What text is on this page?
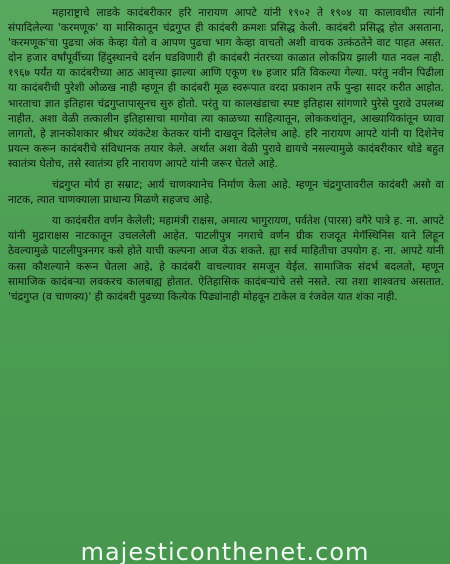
महाराष्ट्राचे लाडके कादंबरीकार हरि नारायण आपटे यांनी १९०२ ते १९०४ या कालावधीत त्यांनी संपादिलेल्या 'करमणूक' या मासिकातून चंद्रगुप्त ही कादंबरी क्रमशः प्रसिद्ध केली. कादंबरी प्रसिद्ध होत असताना, 'करमणूक'चा पुढचा अंक केव्हा येतो व आपण पुढचा भाग केव्हा वाचतो अशी वाचक उत्कंठतेने वाट पाहत असत. दोन हजार वर्षांपूर्वीच्या हिंदुस्थानचे दर्शन घडविणारी ही कादंबरी नंतरच्या काळात लोकप्रिय झाली यात नवल नाही. १९६७ पर्यंत या कादंबरीच्या आठ आवृत्त्या झाल्या आणि एकूण १७ हजार प्रति विकल्या गेल्या. परंतु नवीन पिढीला या कादंबरीची पुरेशी ओळख नाही म्हणून ही कादंबरी मूळ स्वरूपात वरदा प्रकाशन तर्फे पुन्हा सादर करीत आहोत. भारताचा ज्ञात इतिहास चंद्रगुप्तापासूनच सुरु होतो. परंतु या कालखंडाचा स्पष्ट इतिहास सांगणारे पुरेसे पुरावे उपलब्ध नाहीत. अशा वेळी तत्कालीन इतिहासाचा मागोवा त्या काळच्या साहित्यातून, लोककथांतून, आख्यायिकांतून घ्यावा लागतो, हे ज्ञानकोशकार श्रीधर व्यंकटेश केतकर यांनी दाखवून दिलेलेच आहे. हरि नारायण आपटे यांनी या दिशेनेच प्रयत्न करून कादंबरीचे संविधानक तयार केले. अर्थात अशा वेळी पुरावे द्यायचे नसल्यामुळे कादंबरीकार थोडे बहुत स्वातंत्र्य घेतोच, तसे स्वातंत्र्य हरि नारायण आपटे यांनी जरूर घेतले आहे.

चंद्रगुप्त मोर्य हा सम्राट; आर्य चाणक्यानेच निर्माण केला आहे. म्हणून चंद्रगुप्तावरील कादंबरी असो वा नाटक, त्यात चाणक्याला प्राधान्य मिळणे सहजच आहे.

या कादंबरीत वर्णन केलेली; महामंत्री राक्षस, अमात्य भागुरायण, पर्वतेश (पारस) वगैरे पात्रे ह. ना. आपटे यांनी मुद्राराक्षस नाटकातून उचललेली आहेत. पाटलीपुत्र नगराचे वर्णन ग्रीक राजदूत मेगॅस्थिनिस याने लिहून ठेवल्यामुळे पाटलीपुत्रनगर कसे होते याची कल्पना आज येऊ शकते. ह्या सर्व माहितीचा उपयोग ह. ना. आपटे यांनी कसा कौशल्याने करून घेतला आहे, हे कादंबरी वाचल्यावर समजून येईल. सामाजिक संदर्भ बदलतो, म्हणून सामाजिक कादंबऱ्या लवकरच कालबाह्य होतात. ऐतिहासिक कादंबऱ्यांचे तसे नसते. त्या तशा शाश्वतच असतात. 'चंद्रगुप्त (व चाणक्य)' ही कादंबरी पुढच्या कित्येक पिढ्यांनाही मोहवून टाकेल व रंजवेल यात शंका नाही.

majesticonthenet.com
